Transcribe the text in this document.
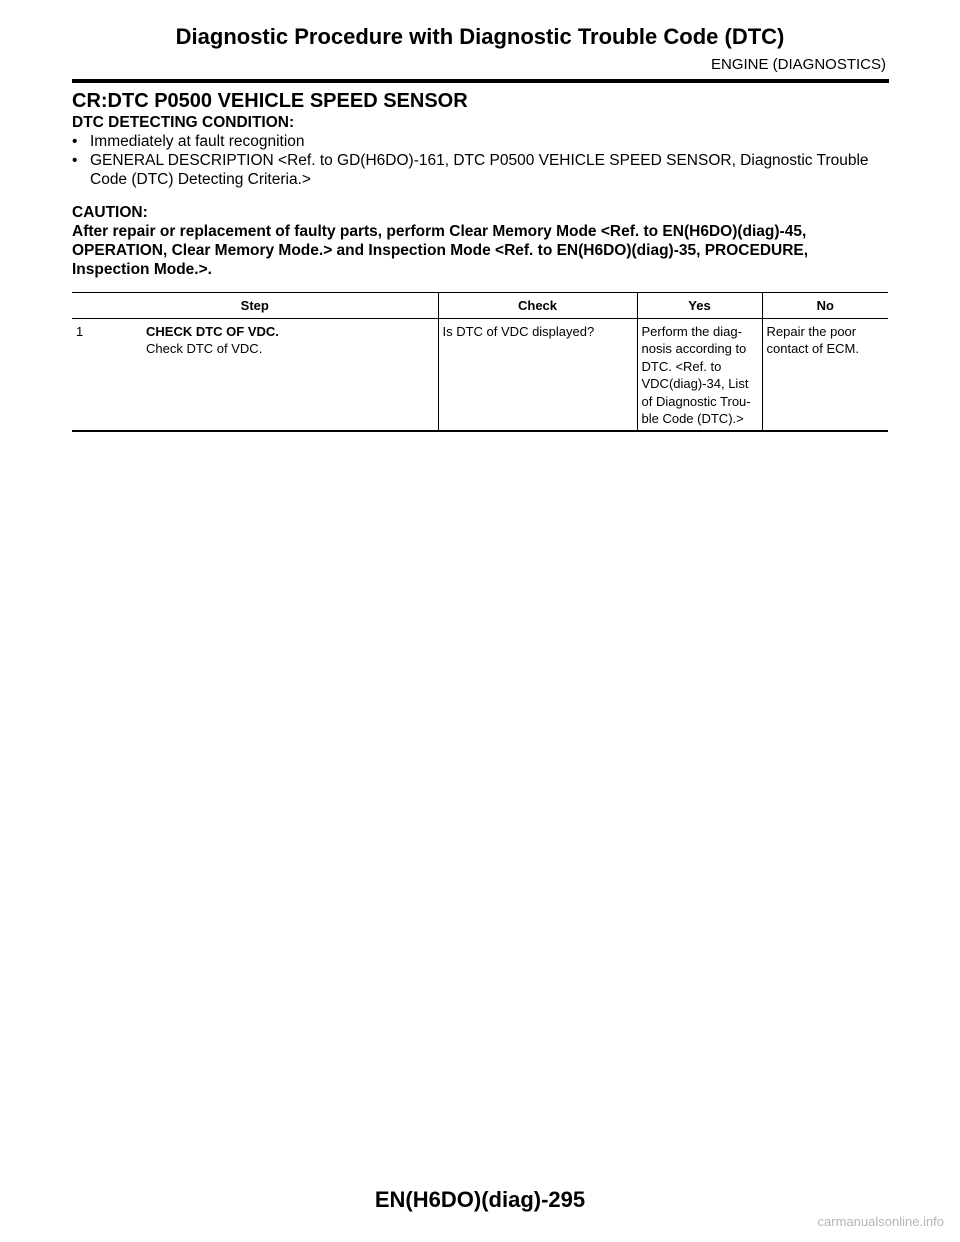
Diagnostic Procedure with Diagnostic Trouble Code (DTC)
ENGINE (DIAGNOSTICS)
CR:DTC P0500 VEHICLE SPEED SENSOR

DTC DETECTING CONDITION:

• Immediately at fault recognition
• GENERAL DESCRIPTION <Ref. to GD(H6DO)-161, DTC P0500 VEHICLE SPEED SENSOR, Diagnostic Trouble Code (DTC) Detecting Criteria.>

CAUTION:

After repair or replacement of faulty parts, perform Clear Memory Mode <Ref. to EN(H6DO)(diag)-45, OPERATION, Clear Memory Mode.> and Inspection Mode <Ref. to EN(H6DO)(diag)-35, PROCEDURE, Inspection Mode.>.

Step	Check	Yes	No

1 CHECK DTC OF VDC.
Check DTC of VDC.	Is DTC of VDC displayed?	Perform the diag-nosis according to DTC. <Ref. to VDC(diag)-34, List of Diagnostic Trou-ble Code (DTC).>	Repair the poor contact of ECM.
EN(H6DO)(diag)-295
carmanualsonline.info
